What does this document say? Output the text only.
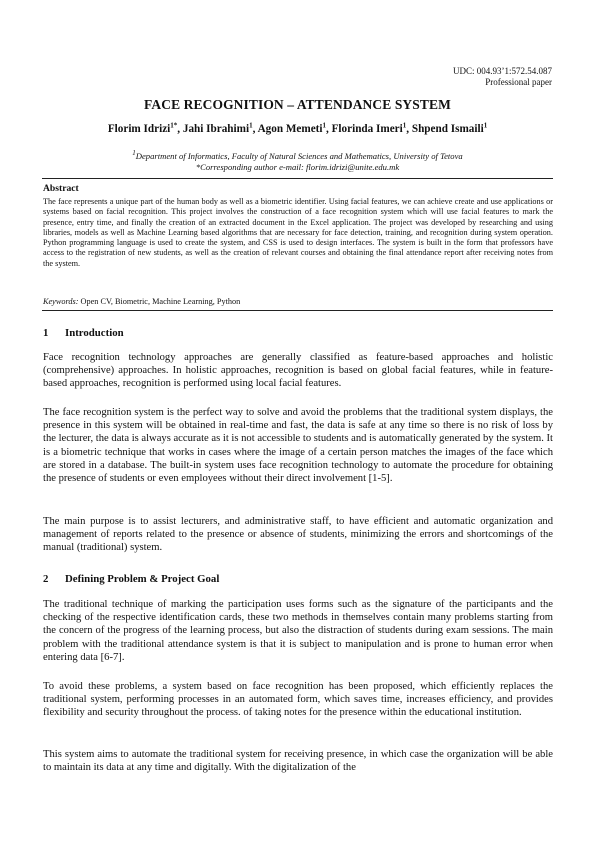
UDC: 004.93’1:572.54.087
Professional paper
FACE RECOGNITION – ATTENDANCE SYSTEM
Florim Idrizi$^{1*}$, Jahi Ibrahimi$^1$, Agon Memeti$^1$, Florinda Imeri$^1$, Shpend Ismaili$^1$
$^1$Department of Informatics, Faculty of Natural Sciences and Mathematics, University of Tetova
*Corresponding author e-mail: florim.idrizi@unite.edu.mk
Abstract
The face represents a unique part of the human body as well as a biometric identifier. Using facial features, we can achieve create and use applications or systems based on facial recognition. This project involves the construction of a face recognition system which will use facial features to mark the presence, entry time, and finally the creation of an extracted document in the Excel application. The project was developed by researching and using libraries, models as well as Machine Learning based algorithms that are necessary for face detection, training, and recognition during system operation. Python programming language is used to create the system, and CSS is used to design interfaces. The system is built in the form that professors have access to the registration of new students, as well as the creation of relevant courses and obtaining the final attendance report after receiving notes from the system.
Keywords: Open CV, Biometric, Machine Learning, Python
1 Introduction
Face recognition technology approaches are generally classified as feature-based approaches and holistic (comprehensive) approaches. In holistic approaches, recognition is based on global facial features, while in feature-based approaches, recognition is performed using local facial features.
The face recognition system is the perfect way to solve and avoid the problems that the traditional system displays, the presence in this system will be obtained in real-time and fast, the data is safe at any time so there is no risk of loss by the lecturer, the data is always accurate as it is not accessible to students and is automatically generated by the system. It is a biometric technique that works in cases where the image of a certain person matches the images of the face which are stored in a database. The built-in system uses face recognition technology to automate the procedure for obtaining the presence of students or even employees without their direct involvement [1-5].
The main purpose is to assist lecturers, and administrative staff, to have efficient and automatic organization and management of reports related to the presence or absence of students, minimizing the errors and shortcomings of the manual (traditional) system.
2 Defining Problem & Project Goal
The traditional technique of marking the participation uses forms such as the signature of the participants and the checking of the respective identification cards, these two methods in themselves contain many problems starting from the concern of the progress of the learning process, but also the distraction of students during exam sessions. The main problem with the traditional attendance system is that it is subject to manipulation and is prone to human error when entering data [6-7].
To avoid these problems, a system based on face recognition has been proposed, which efficiently replaces the traditional system, performing processes in an automated form, which saves time, increases efficiency, and provides flexibility and security throughout the process. of taking notes for the presence within the educational institution.
This system aims to automate the traditional system for receiving presence, in which case the organization will be able to maintain its data at any time and digitally. With the digitalization of the
